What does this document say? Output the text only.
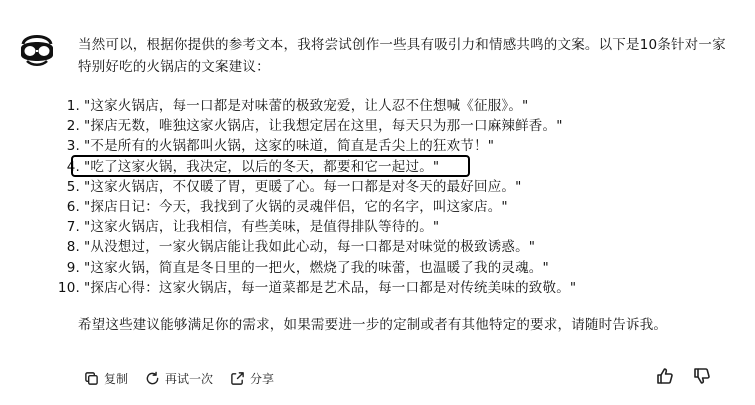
当然可以，根据你提供的参考文本，我将尝试创作一些具有吸引力和情感共鸣的文案。以下是10条针对一家特别好吃的火锅店的文案建议：

1. "这家火锅店，每一口都是对味蕾的极致宠爱，让人忍不住想喊《征服》。"
2. "探店无数，唯独这家火锅店，让我想定居在这里，每天只为那一口麻辣鲜香。"
3. "不是所有的火锅都叫火锅，这家的味道，简直是舌尖上的狂欢节！"
4. "吃了这家火锅，我决定，以后的冬天，都要和它一起过。"
5. "这家火锅店，不仅暖了胃，更暖了心。每一口都是对冬天的最好回应。"
6. "探店日记：今天，我找到了火锅的灵魂伴侣，它的名字，叫这家店。"
7. "这家火锅店，让我相信，有些美味，是值得排队等待的。"
8. "从没想过，一家火锅店能让我如此心动，每一口都是对味觉的极致诱惑。"
9. "这家火锅，简直是冬日里的一把火，燃烧了我的味蕾，也温暖了我的灵魂。"
10. "探店心得：这家火锅店，每一道菜都是艺术品，每一口都是对传统美味的致敬。"

希望这些建议能够满足你的需求，如果需要进一步的定制或者有其他特定的要求，请随时告诉我。

复制	再试一次	分享
